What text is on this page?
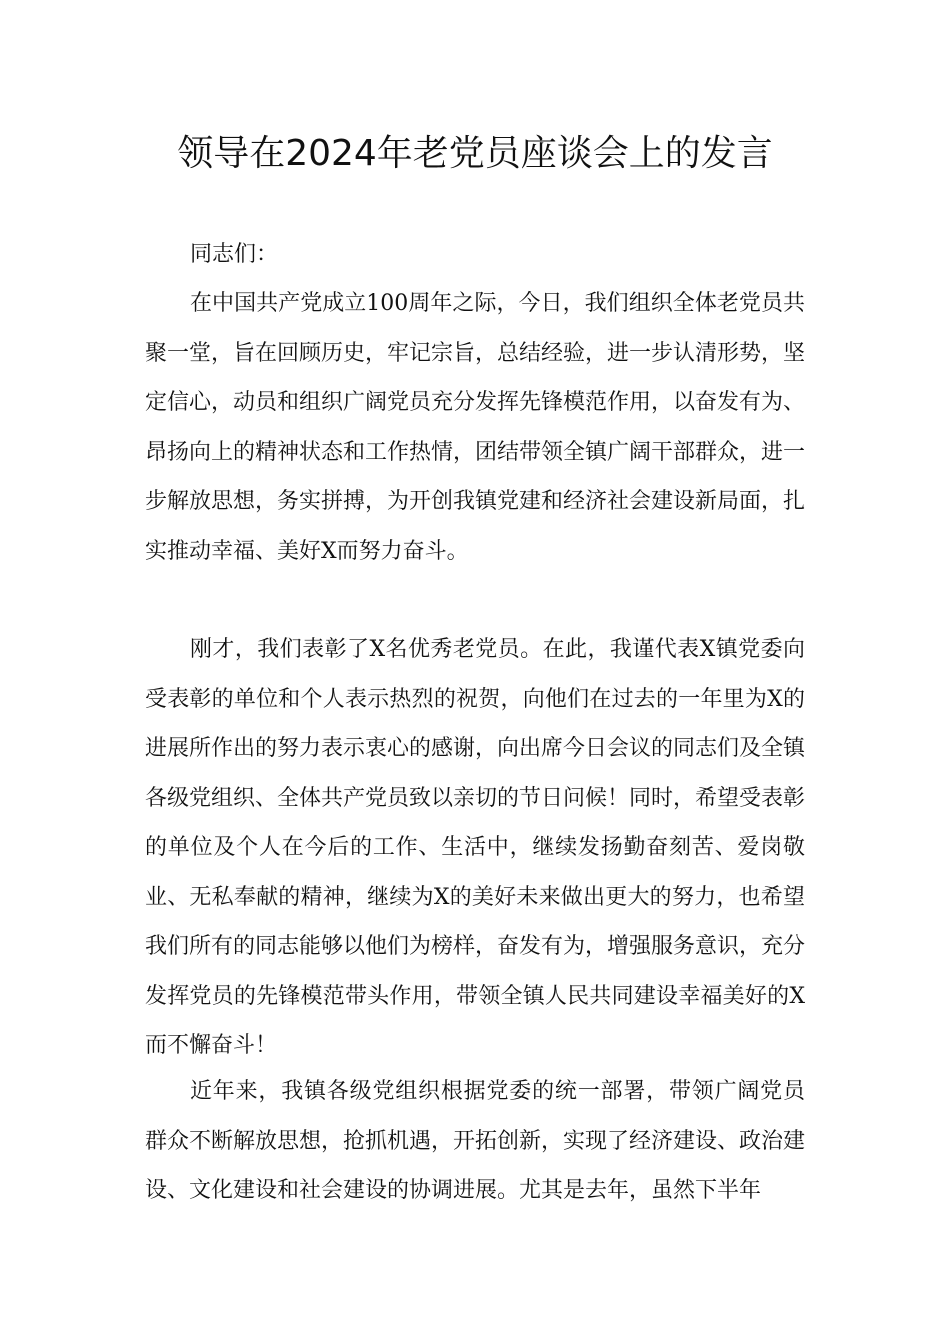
领导在2024年老党员座谈会上的发言
同志们：

在中国共产党成立100周年之际，今日，我们组织全体老党员共聚一堂，旨在回顾历史，牢记宗旨，总结经验，进一步认清形势，坚定信心，动员和组织广阔党员充分发挥先锋模范作用，以奋发有为、昂扬向上的精神状态和工作热情，团结带领全镇广阔干部群众，进一步解放思想，务实拼搏，为开创我镇党建和经济社会建设新局面，扎实推动幸福、美好X而努力奋斗。

刚才，我们表彰了X名优秀老党员。在此，我谨代表X镇党委向受表彰的单位和个人表示热烈的祝贺，向他们在过去的一年里为X的进展所作出的努力表示衷心的感谢，向出席今日会议的同志们及全镇各级党组织、全体共产党员致以亲切的节日问候！同时，希望受表彰的单位及个人在今后的工作、生活中，继续发扬勤奋刻苦、爱岗敬业、无私奉献的精神，继续为X的美好未来做出更大的努力，也希望我们所有的同志能够以他们为榜样，奋发有为，增强服务意识，充分发挥党员的先锋模范带头作用，带领全镇人民共同建设幸福美好的X而不懈奋斗！

近年来，我镇各级党组织根据党委的统一部署，带领广阔党员群众不断解放思想，抢抓机遇，开拓创新，实现了经济建设、政治建设、文化建设和社会建设的协调进展。尤其是去年，虽然下半年
